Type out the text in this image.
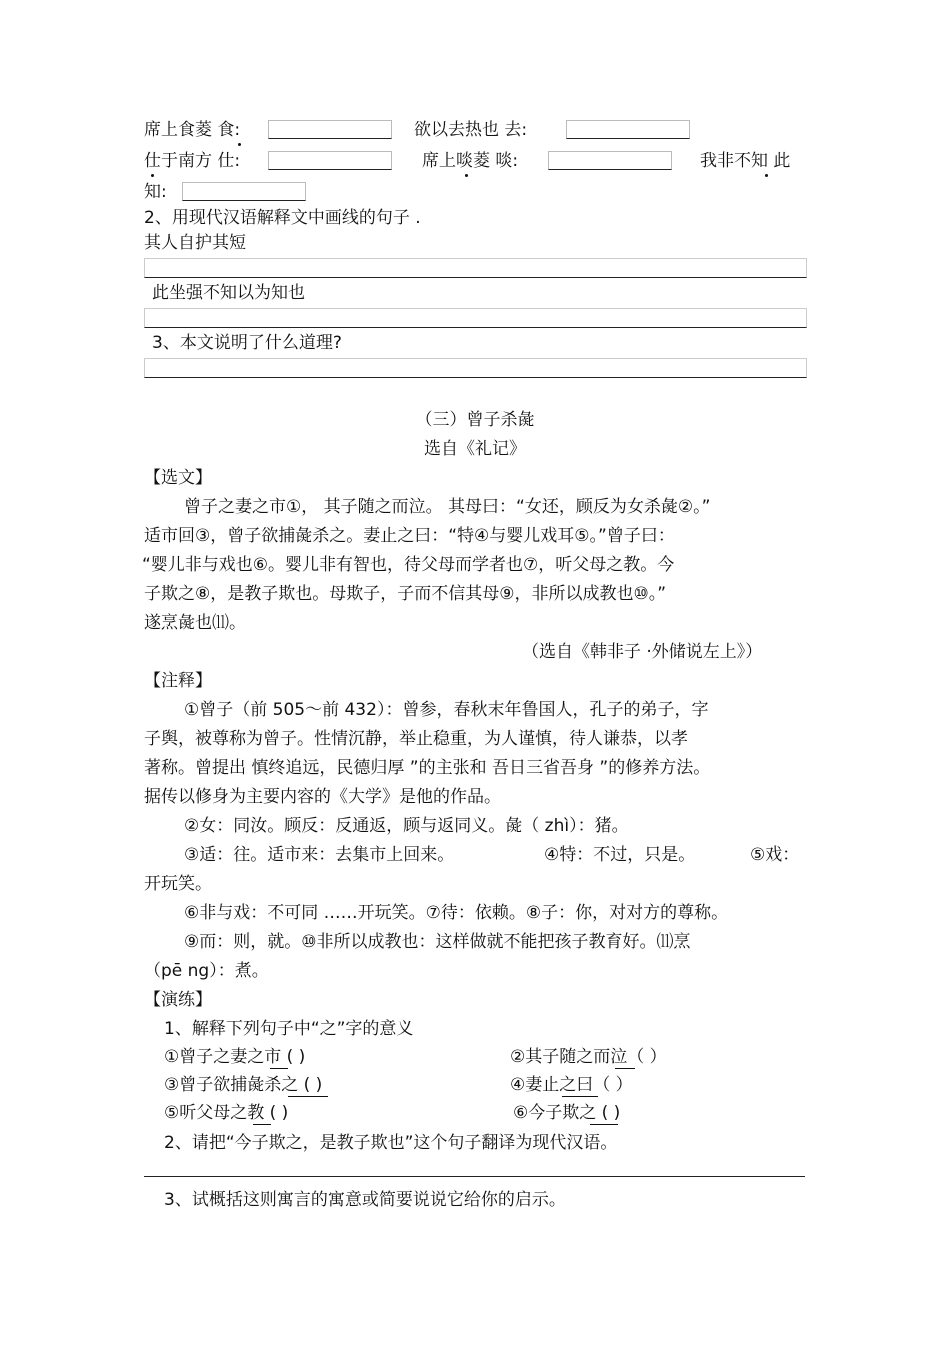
席上食菱 食:	欲以去热也 去:
仕于南方 仕:	席上啖菱 啖:	我非不知 此
知:
2、用现代汉语解释文中画线的句子 .
其人自护其短
此坐强不知以为知也
3、本文说明了什么道理?
（三）曾子杀彘
选自《礼记》
【选文】
曾子之妻之市①， 其子随之而泣。 其母曰：“女还，顾反为女杀彘②。”
适市回③，曾子欲捕彘杀之。妻止之曰：“特④与婴儿戏耳⑤。”曾子曰：
“婴儿非与戏也⑥。婴儿非有智也，待父母而学者也⑦，听父母之教。今
子欺之⑧，是教子欺也。母欺子，子而不信其母⑨，非所以成教也⑩。”
遂烹彘也⑾。
（选自《韩非子 ·外储说左上》）
【注释】
①曾子（前 505～前 432）：曾参，春秋末年鲁国人，孔子的弟子，字
子舆，被尊称为曾子。性情沉静，举止稳重，为人谨慎，待人谦恭，以孝
著称。曾提出 慎终追远，民德归厚 ”的主张和 吾日三省吾身 ”的修养方法。
据传以修身为主要内容的《大学》是他的作品。
②女：同汝。顾反：反通返，顾与返同义。彘（ zhì）：猪。
③适：往。适市来：去集市上回来。	④特：不过，只是。	⑤戏：
开玩笑。
⑥非与戏：不可同 ……开玩笑。⑦待：依赖。⑧子：你，对对方的尊称。
⑨而：则，就。⑩非所以成教也：这样做就不能把孩子教育好。⑾烹
（pē ng）：煮。
【演练】
1、解释下列句子中“之”字的意义
①曾子之妻之市 ( )	②其子随之而泣（ ）
③曾子欲捕彘杀之 ( )	④妻止之曰（ ）
⑤听父母之教 ( )	⑥今子欺之 ( )
2、请把“今子欺之，是教子欺也”这个句子翻译为现代汉语。
3、试概括这则寓言的寓意或简要说说它给你的启示。
